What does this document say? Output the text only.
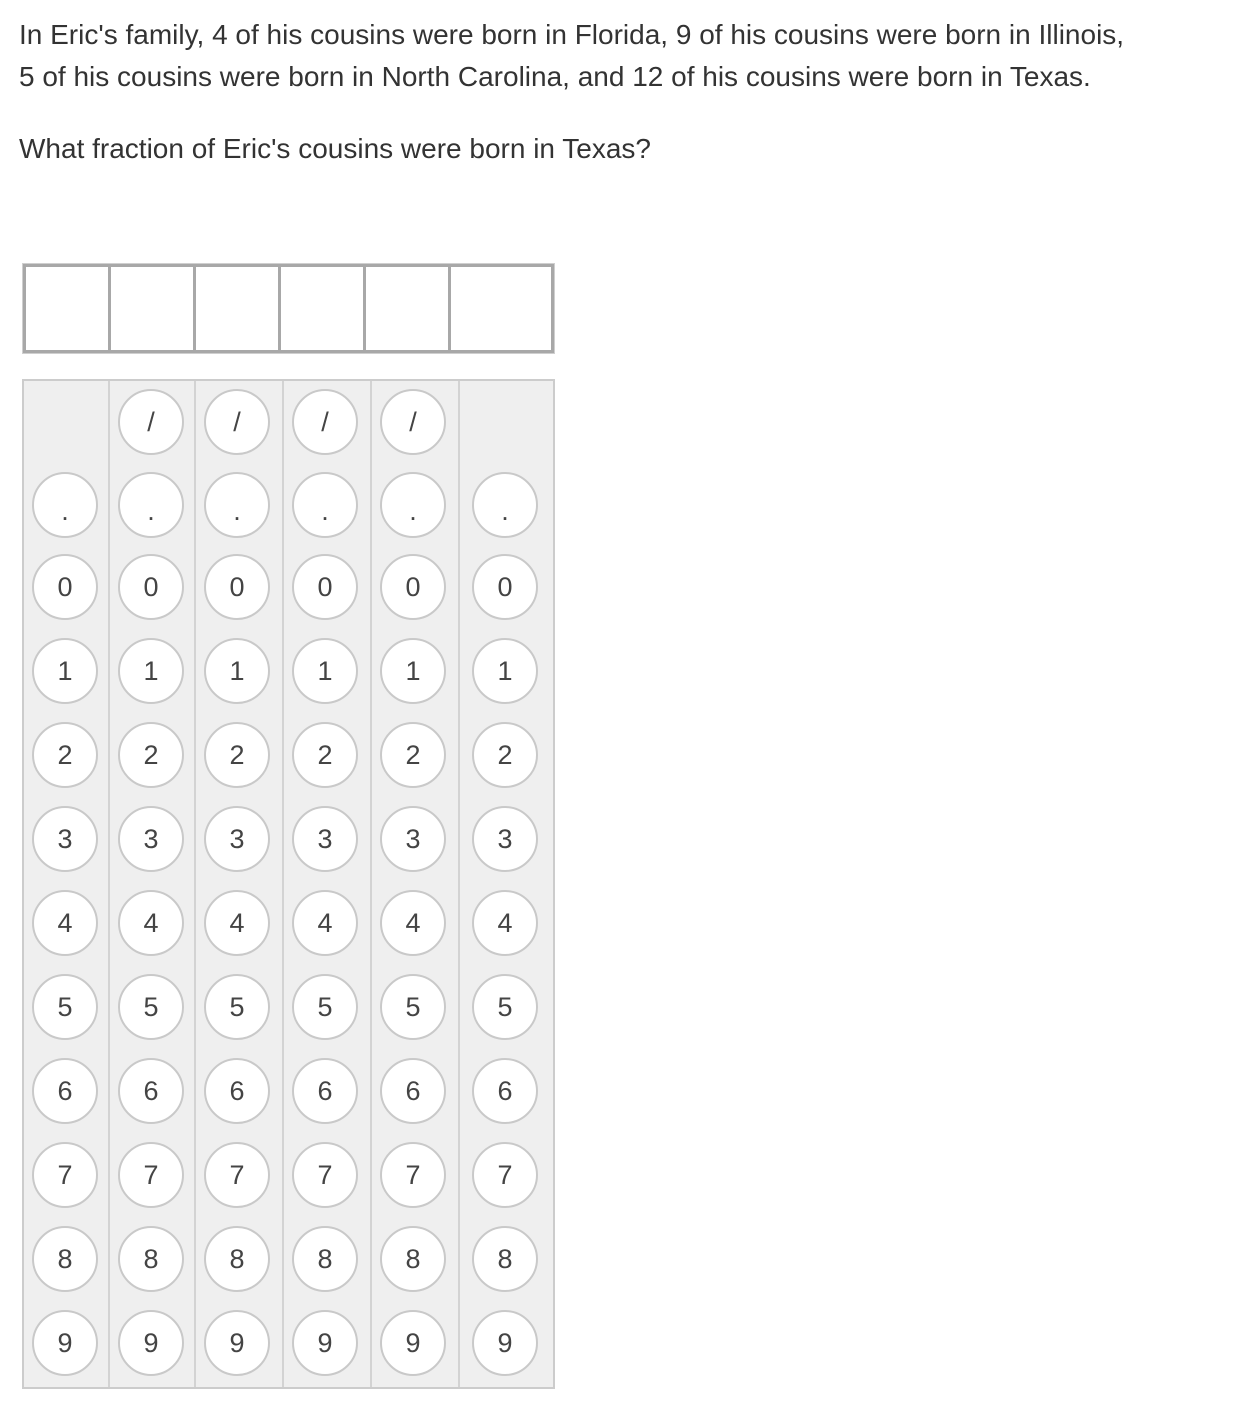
In Eric's family, 4 of his cousins were born in Florida, 9 of his cousins were born in Illinois,
5 of his cousins were born in North Carolina, and 12 of his cousins were born in Texas.

What fraction of Eric's cousins were born in Texas?

.
0
1
2
3
4
5
6
7
8
9
/
.
0
1
2
3
4
5
6
7
8
9
/
.
0
1
2
3
4
5
6
7
8
9
/
.
0
1
2
3
4
5
6
7
8
9
/
.
0
1
2
3
4
5
6
7
8
9
.
0
1
2
3
4
5
6
7
8
9
